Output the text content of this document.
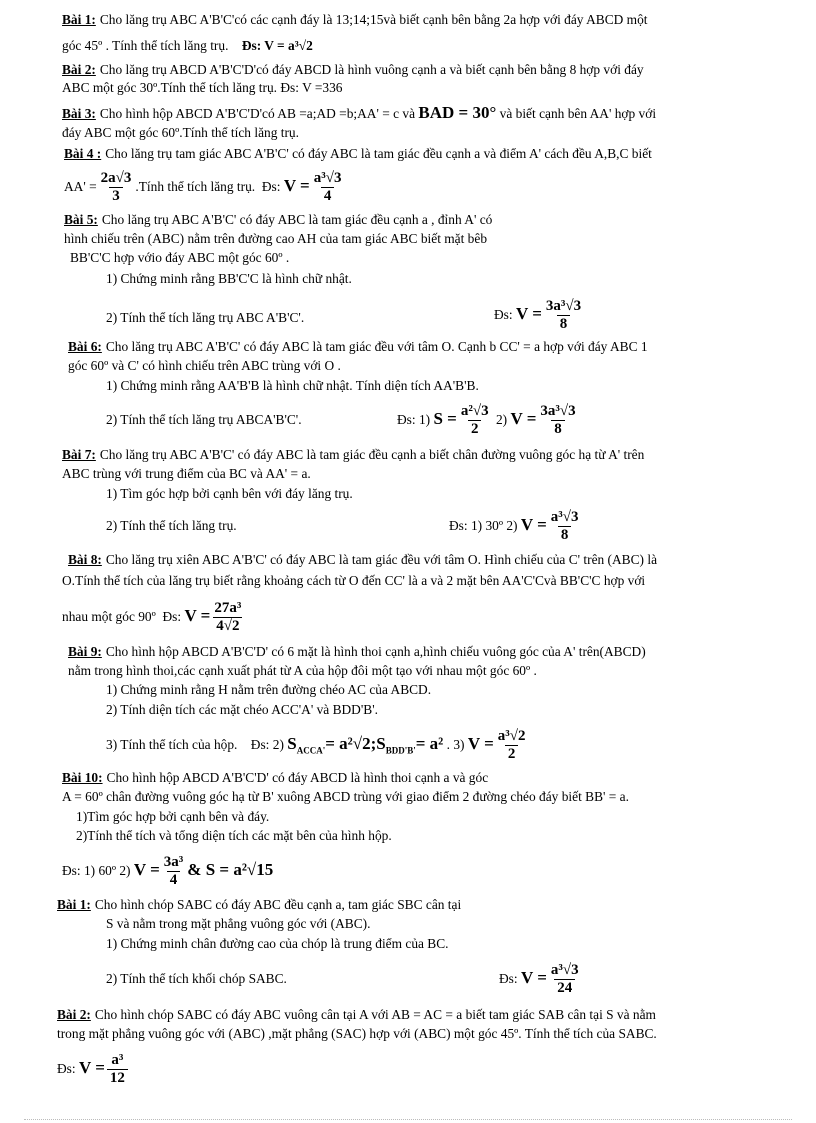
Bài 1: Cho lăng trụ ABC A'B'C'có các cạnh đáy là 13;14;15và biết cạnh bên bằng 2a hợp với đáy ABCD một
góc 45º . Tính thể tích lăng trụ. Đs: V = a³√2
Bài 2: Cho lăng trụ ABCD A'B'C'D'có đáy ABCD là hình vuông cạnh a và biết cạnh bên bằng 8 hợp với đáy
ABC một góc 30º.Tính thể tích lăng trụ. Đs: V =336
Bài 3: Cho hình hộp ABCD A'B'C'D'có AB =a;AD =b;AA' = c và BAD = 30° và biết cạnh bên AA' hợp với
đáy ABC một góc 60º.Tính thể tích lăng trụ.
Bài 4 : Cho lăng trụ tam giác ABC A'B'C' có đáy ABC là tam giác đều cạnh a và điểm A' cách đều A,B,C biết
$AA' = \frac{2a√3}{3}$ .Tính thể tích lăng trụ. Đs: $V = \frac{\text{a³√3}}{4}$
Bài 5: Cho lăng trụ ABC A'B'C' có đáy ABC là tam giác đều cạnh a , đỉnh A' có
hình chiếu trên (ABC) nằm trên đường cao AH của tam giác ABC biết mặt bêb
BB'C'C hợp vớio đáy ABC một góc 60º .
1) Chứng minh rằng BB'C'C là hình chữ nhật.
2) Tính thể tích lăng trụ ABC A'B'C'.	Đs: $V = \frac{\text{3a³√3}}{8}$
Bài 6: Cho lăng trụ ABC A'B'C' có đáy ABC là tam giác đều với tâm O. Cạnh b CC' = a hợp với đáy ABC 1
góc 60º và C' có hình chiếu trên ABC trùng với O .
1) Chứng minh rằng AA'B'B là hình chữ nhật. Tính diện tích AA'B'B.
2) Tính thể tích lăng trụ ABCA'B'C'.	Đs: 1) $S = \frac{\text{a²√3}}{2} 2$) $V = \frac{\text{3a³√3}}{8}$
Bài 7: Cho lăng trụ ABC A'B'C' có đáy ABC là tam giác đều cạnh a biết chân đường vuông góc hạ từ A' trên
ABC trùng với trung điểm của BC và AA' = a.
1) Tìm góc hợp bởi cạnh bên với đáy lăng trụ.
2) Tính thể tích lăng trụ.	Đs: 1) 30º 2) $V = \frac{\text{a³√3}}{8}$
Bài 8: Cho lăng trụ xiên ABC A'B'C' có đáy ABC là tam giác đều với tâm O. Hình chiếu của C' trên (ABC) là
O.Tính thể tích của lăng trụ biết rằng khoảng cách từ O đến CC' là a và 2 mặt bên AA'C'Cvà BB'C'C hợp với
nhau một góc 90º Đs: $V = \frac{\text{27a³}}{4√2}$
Bài 9: Cho hình hộp ABCD A'B'C'D' có 6 mặt là hình thoi cạnh a,hình chiếu vuông góc của A' trên(ABCD)
nằm trong hình thoi,các cạnh xuất phát từ A của hộp đôi một tạo với nhau một góc 60º .
1) Chứng minh rằng H nằm trên đường chéo AC của ABCD.
2) Tính diện tích các mặt chéo ACC'A' và BDD'B'.
3) Tính thể tích của hộp. Đs: 2) $S_{ACCA'}=$ $a^2√2;S_{BDD'B'}= a^2$ . 3) $V = \frac{\text{a³√2}}{2}$
Bài 10: Cho hình hộp ABCD A'B'C'D' có đáy ABCD là hình thoi cạnh a và góc
A = 60º chân đường vuông góc hạ từ B' xuông ABCD trùng với giao điểm 2 đường chéo đáy biết BB' = a.
1)Tìm góc hợp bởi cạnh bên và đáy.
2)Tính thể tích và tổng diện tích các mặt bên của hình hộp.
Đs: 1) 60º 2) $V = \frac{\text{3a³}}{4}$ & S = a²√15
Bài 1: Cho hình chóp SABC có đáy ABC đều cạnh a, tam giác SBC cân tại
S và nằm trong mặt phẳng vuông góc với (ABC).
1) Chứng minh chân đường cao của chóp là trung điểm của BC.
2) Tính thể tích khối chóp SABC.	Đs: $V = \frac{\text{a³√3}}{24}$
Bài 2: Cho hình chóp SABC có đáy ABC vuông cân tại A với AB = AC = a biết tam giác SAB cân tại S và nằm
trong mặt phẳng vuông góc với (ABC) ,mặt phẳng (SAC) hợp với (ABC) một góc 45º. Tính thể tích của SABC.
Đs: $V = \frac{\text{a³}}{12}$
